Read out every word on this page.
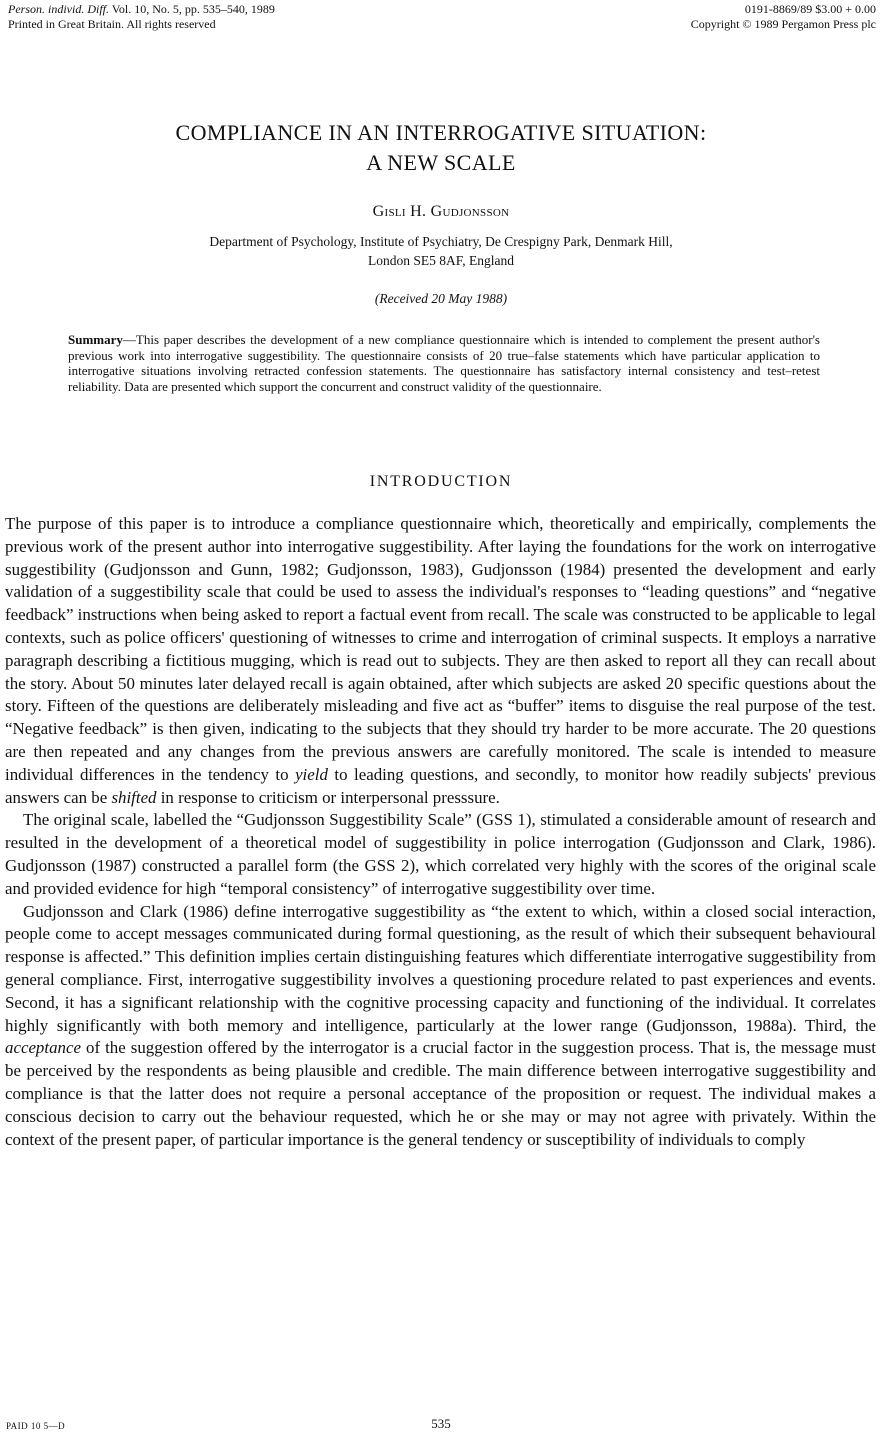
Person. individ. Diff. Vol. 10, No. 5, pp. 535–540, 1989
Printed in Great Britain. All rights reserved
0191-8869/89 $3.00 + 0.00
Copyright © 1989 Pergamon Press plc
COMPLIANCE IN AN INTERROGATIVE SITUATION:
A NEW SCALE
Gisli H. Gudjonsson
Department of Psychology, Institute of Psychiatry, De Crespigny Park, Denmark Hill,
London SE5 8AF, England
(Received 20 May 1988)
Summary—This paper describes the development of a new compliance questionnaire which is intended to complement the present author's previous work into interrogative suggestibility. The questionnaire consists of 20 true–false statements which have particular application to interrogative situations involving retracted confession statements. The questionnaire has satisfactory internal consistency and test–retest reliability. Data are presented which support the concurrent and construct validity of the questionnaire.
INTRODUCTION

The purpose of this paper is to introduce a compliance questionnaire which, theoretically and empirically, complements the previous work of the present author into interrogative suggestibility. After laying the foundations for the work on interrogative suggestibility (Gudjonsson and Gunn, 1982; Gudjonsson, 1983), Gudjonsson (1984) presented the development and early validation of a suggestibility scale that could be used to assess the individual's responses to “leading questions” and “negative feedback” instructions when being asked to report a factual event from recall. The scale was constructed to be applicable to legal contexts, such as police officers' questioning of witnesses to crime and interrogation of criminal suspects. It employs a narrative paragraph describing a fictitious mugging, which is read out to subjects. They are then asked to report all they can recall about the story. About 50 minutes later delayed recall is again obtained, after which subjects are asked 20 specific questions about the story. Fifteen of the questions are deliberately misleading and five act as “buffer” items to disguise the real purpose of the test. “Negative feedback” is then given, indicating to the subjects that they should try harder to be more accurate. The 20 questions are then repeated and any changes from the previous answers are carefully monitored. The scale is intended to measure individual differences in the tendency to yield to leading questions, and secondly, to monitor how readily subjects' previous answers can be shifted in response to criticism or interpersonal presssure.

The original scale, labelled the “Gudjonsson Suggestibility Scale” (GSS 1), stimulated a considerable amount of research and resulted in the development of a theoretical model of suggestibility in police interrogation (Gudjonsson and Clark, 1986). Gudjonsson (1987) constructed a parallel form (the GSS 2), which correlated very highly with the scores of the original scale and provided evidence for high “temporal consistency” of interrogative suggestibility over time.

Gudjonsson and Clark (1986) define interrogative suggestibility as “the extent to which, within a closed social interaction, people come to accept messages communicated during formal questioning, as the result of which their subsequent behavioural response is affected.” This definition implies certain distinguishing features which differentiate interrogative suggestibility from general compliance. First, interrogative suggestibility involves a questioning procedure related to past experiences and events. Second, it has a significant relationship with the cognitive processing capacity and functioning of the individual. It correlates highly significantly with both memory and intelligence, particularly at the lower range (Gudjonsson, 1988a). Third, the acceptance of the suggestion offered by the interrogator is a crucial factor in the suggestion process. That is, the message must be perceived by the respondents as being plausible and credible. The main difference between interrogative suggestibility and compliance is that the latter does not require a personal acceptance of the proposition or request. The individual makes a conscious decision to carry out the behaviour requested, which he or she may or may not agree with privately. Within the context of the present paper, of particular importance is the general tendency or susceptibility of individuals to comply

PAID 10 5—D	535
